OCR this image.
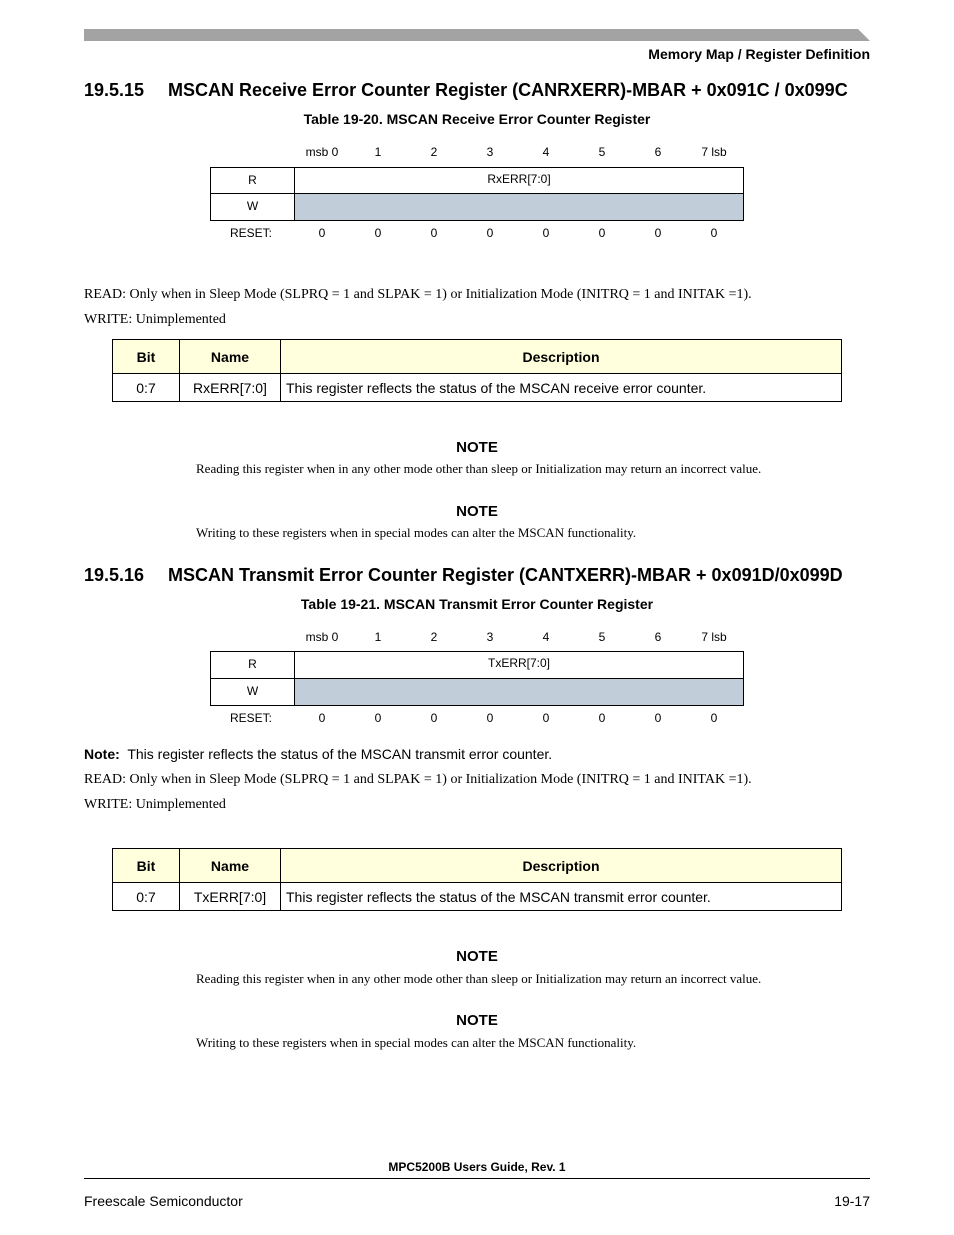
Memory Map / Register Definition
19.5.15 MSCAN Receive Error Counter Register (CANRXERR)-MBAR + 0x091C / 0x099C
Table 19-20. MSCAN Receive Error Counter Register
msb 0	1	2	3	4	5	6	7 lsb
R	RxERR[7:0]
W
RESET:	0	0	0	0	0	0	0	0
READ: Only when in Sleep Mode (SLPRQ = 1 and SLPAK = 1) or Initialization Mode (INITRQ = 1 and INITAK =1).
WRITE: Unimplemented
Bit	Name	Description
0:7	RxERR[7:0]	This register reflects the status of the MSCAN receive error counter.
NOTE
Reading this register when in any other mode other than sleep or Initialization may return an incorrect value.
NOTE
Writing to these registers when in special modes can alter the MSCAN functionality.
19.5.16 MSCAN Transmit Error Counter Register (CANTXERR)-MBAR + 0x091D/0x099D
Table 19-21. MSCAN Transmit Error Counter Register
msb 0	1	2	3	4	5	6	7 lsb
R	TxERR[7:0]
W
RESET:	0	0	0	0	0	0	0	0
Note: This register reflects the status of the MSCAN transmit error counter.
READ: Only when in Sleep Mode (SLPRQ = 1 and SLPAK = 1) or Initialization Mode (INITRQ = 1 and INITAK =1).
WRITE: Unimplemented
Bit	Name	Description
0:7	TxERR[7:0]	This register reflects the status of the MSCAN transmit error counter.
NOTE
Reading this register when in any other mode other than sleep or Initialization may return an incorrect value.
NOTE
Writing to these registers when in special modes can alter the MSCAN functionality.
MPC5200B Users Guide, Rev. 1
Freescale Semiconductor	19-17
